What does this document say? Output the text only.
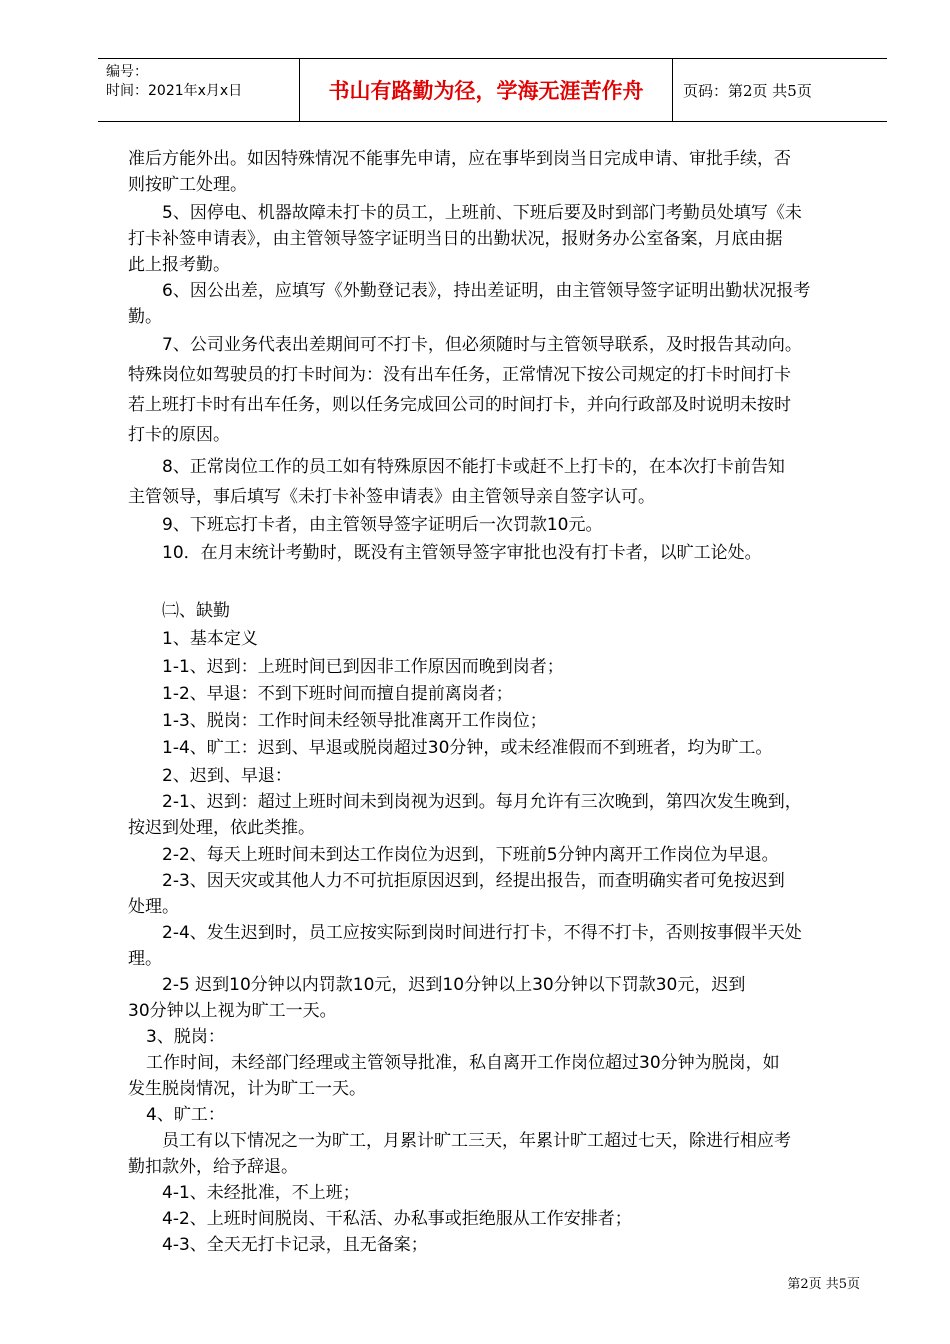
编号：
时间：2021年x月x日	书山有路勤为径，学海无涯苦作舟	页码：第2页 共5页
准后方能外出。如因特殊情况不能事先申请，应在事毕到岗当日完成申请、审批手续，否
则按旷工处理。
5、因停电、机器故障未打卡的员工，上班前、下班后要及时到部门考勤员处填写《未
打卡补签申请表》，由主管领导签字证明当日的出勤状况，报财务办公室备案，月底由据
此上报考勤。
6、因公出差，应填写《外勤登记表》，持出差证明，由主管领导签字证明出勤状况报考
勤。
7、公司业务代表出差期间可不打卡，但必须随时与主管领导联系，及时报告其动向。
特殊岗位如驾驶员的打卡时间为：没有出车任务，正常情况下按公司规定的打卡时间打卡
若上班打卡时有出车任务，则以任务完成回公司的时间打卡，并向行政部及时说明未按时
打卡的原因。
8、正常岗位工作的员工如有特殊原因不能打卡或赶不上打卡的，在本次打卡前告知
主管领导，事后填写《未打卡补签申请表》由主管领导亲自签字认可。
9、下班忘打卡者，由主管领导签字证明后一次罚款10元。
10．在月末统计考勤时，既没有主管领导签字审批也没有打卡者，以旷工论处。
㈡、缺勤
1、基本定义
1-1、迟到：上班时间已到因非工作原因而晚到岗者；
1-2、早退：不到下班时间而擅自提前离岗者；
1-3、脱岗：工作时间未经领导批准离开工作岗位；
1-4、旷工：迟到、早退或脱岗超过30分钟，或未经准假而不到班者，均为旷工。
2、迟到、早退：
2-1、迟到：超过上班时间未到岗视为迟到。每月允许有三次晚到，第四次发生晚到，
按迟到处理，依此类推。
2-2、每天上班时间未到达工作岗位为迟到，下班前5分钟内离开工作岗位为早退。
2-3、因天灾或其他人力不可抗拒原因迟到，经提出报告，而查明确实者可免按迟到
处理。
2-4、发生迟到时，员工应按实际到岗时间进行打卡，不得不打卡，否则按事假半天处
理。
2-5 迟到10分钟以内罚款10元，迟到10分钟以上30分钟以下罚款30元，迟到
30分钟以上视为旷工一天。
3、脱岗：
工作时间，未经部门经理或主管领导批准，私自离开工作岗位超过30分钟为脱岗，如
发生脱岗情况，计为旷工一天。
4、旷工：
员工有以下情况之一为旷工，月累计旷工三天，年累计旷工超过七天，除进行相应考
勤扣款外，给予辞退。
4-1、未经批准，不上班；
4-2、上班时间脱岗、干私活、办私事或拒绝服从工作安排者；
4-3、全天无打卡记录，且无备案；
第2页 共5页
